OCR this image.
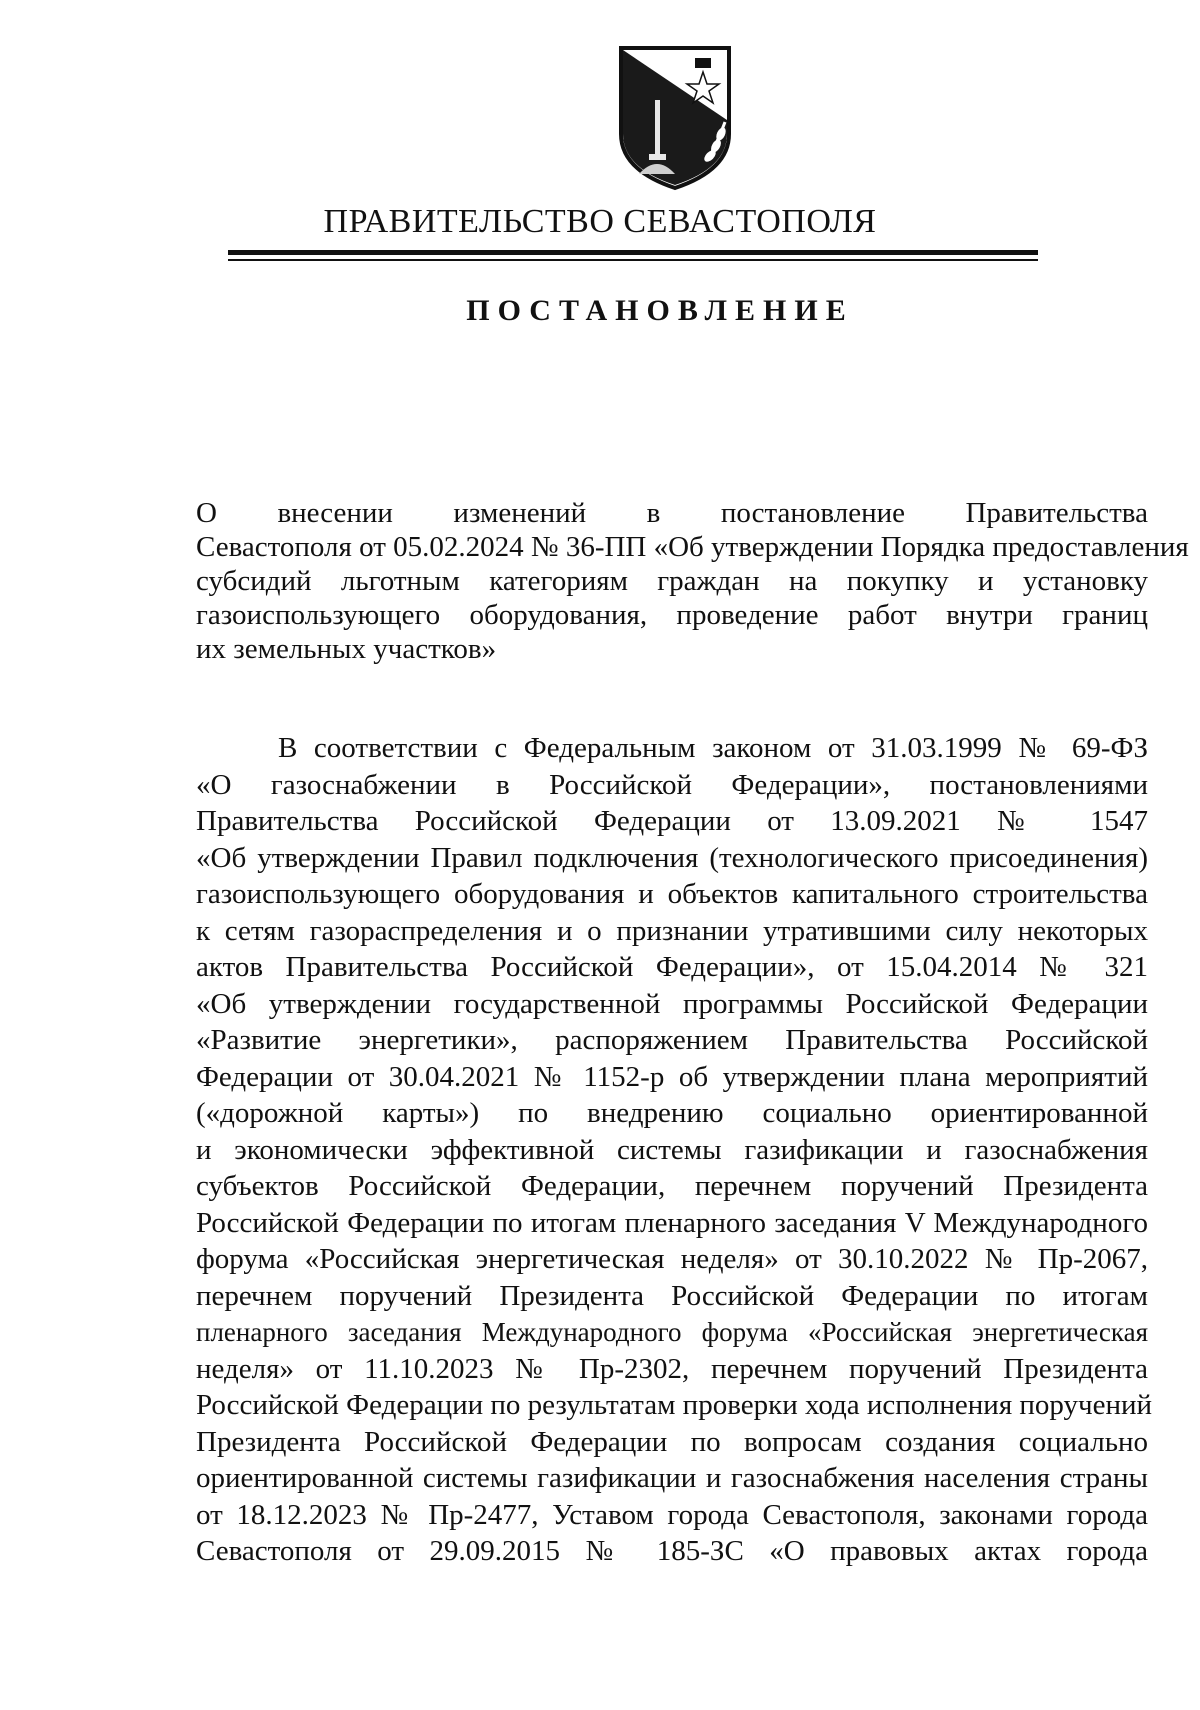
ПРАВИТЕЛЬСТВО СЕВАСТОПОЛЯ
ПОСТАНОВЛЕНИЕ
О внесении изменений в постановление Правительства
Севастополя от 05.02.2024 № 36-ПП «Об утверждении Порядка предоставления
субсидий льготным категориям граждан на покупку и установку
газоиспользующего оборудования, проведение работ внутри границ
их земельных участков»
В соответствии с Федеральным законом от 31.03.1999 № 69-ФЗ
«О газоснабжении в Российской Федерации», постановлениями
Правительства Российской Федерации от 13.09.2021 № 1547
«Об утверждении Правил подключения (технологического присоединения)
газоиспользующего оборудования и объектов капитального строительства
к сетям газораспределения и о признании утратившими силу некоторых
актов Правительства Российской Федерации», от 15.04.2014 № 321
«Об утверждении государственной программы Российской Федерации
«Развитие энергетики», распоряжением Правительства Российской
Федерации от 30.04.2021 № 1152-р об утверждении плана мероприятий
(«дорожной карты») по внедрению социально ориентированной
и экономически эффективной системы газификации и газоснабжения
субъектов Российской Федерации, перечнем поручений Президента
Российской Федерации по итогам пленарного заседания V Международного
форума «Российская энергетическая неделя» от 30.10.2022 № Пр-2067,
перечнем поручений Президента Российской Федерации по итогам
пленарного заседания Международного форума «Российская энергетическая
неделя» от 11.10.2023 № Пр-2302, перечнем поручений Президента
Российской Федерации по результатам проверки хода исполнения поручений
Президента Российской Федерации по вопросам создания социально
ориентированной системы газификации и газоснабжения населения страны
от 18.12.2023 № Пр-2477, Уставом города Севастополя, законами города
Севастополя от 29.09.2015 № 185-ЗС «О правовых актах города
